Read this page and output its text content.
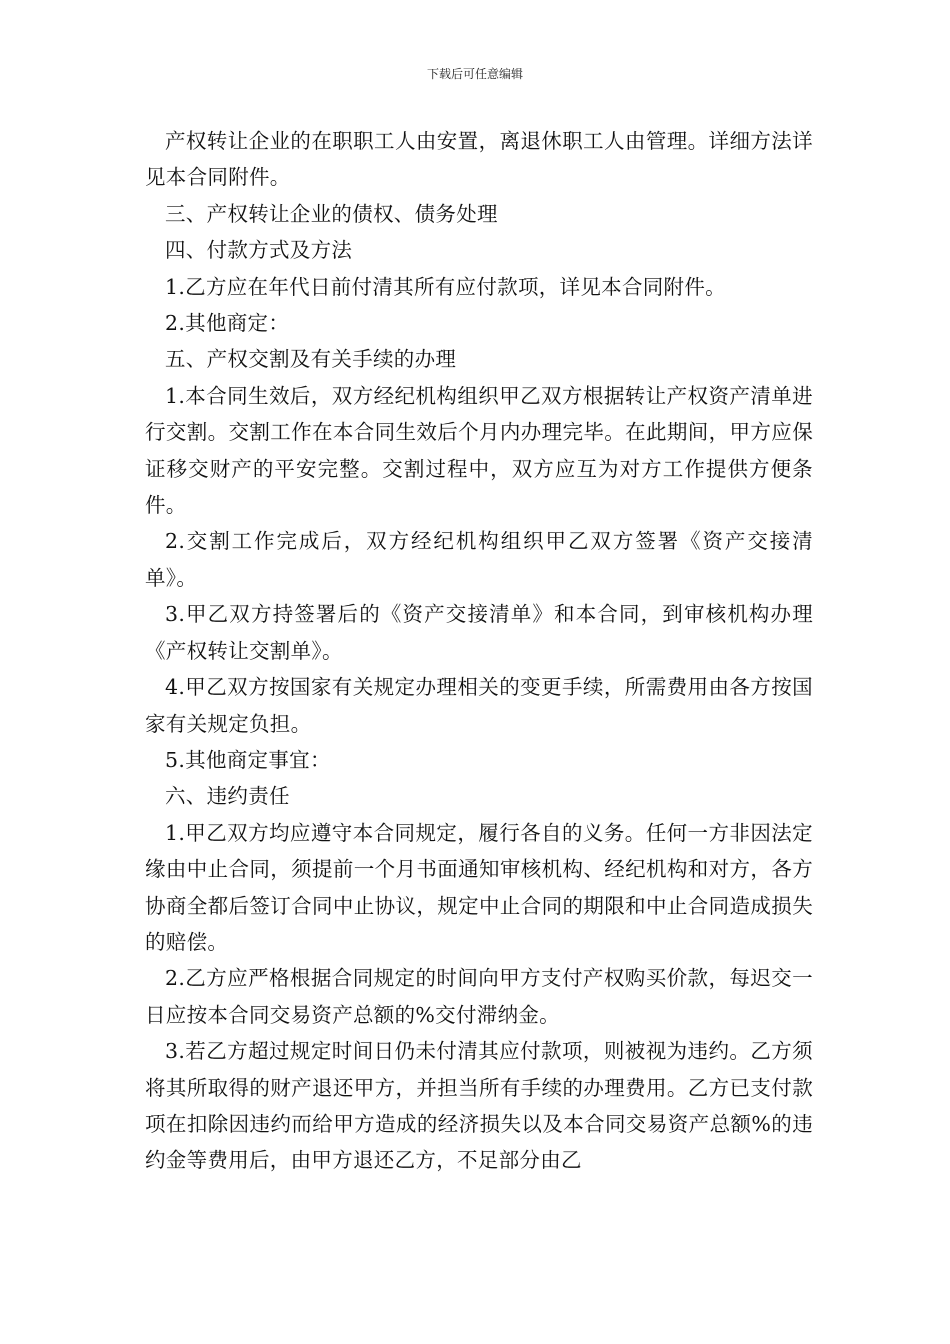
下载后可任意编辑

产权转让企业的在职职工人由安置，离退休职工人由管理。详细方法详见本合同附件。

三、产权转让企业的债权、债务处理

四、付款方式及方法

1.乙方应在年代日前付清其所有应付款项，详见本合同附件。

2.其他商定：

五、产权交割及有关手续的办理

1.本合同生效后，双方经纪机构组织甲乙双方根据转让产权资产清单进行交割。交割工作在本合同生效后个月内办理完毕。在此期间，甲方应保证移交财产的平安完整。交割过程中，双方应互为对方工作提供方便条件。

2.交割工作完成后，双方经纪机构组织甲乙双方签署《资产交接清单》。

3.甲乙双方持签署后的《资产交接清单》和本合同，到审核机构办理《产权转让交割单》。

4.甲乙双方按国家有关规定办理相关的变更手续，所需费用由各方按国家有关规定负担。

5.其他商定事宜：

六、违约责任

1.甲乙双方均应遵守本合同规定，履行各自的义务。任何一方非因法定缘由中止合同，须提前一个月书面通知审核机构、经纪机构和对方，各方协商全都后签订合同中止协议，规定中止合同的期限和中止合同造成损失的赔偿。

2.乙方应严格根据合同规定的时间向甲方支付产权购买价款，每迟交一日应按本合同交易资产总额的%交付滞纳金。

3.若乙方超过规定时间日仍未付清其应付款项，则被视为违约。乙方须将其所取得的财产退还甲方，并担当所有手续的办理费用。乙方已支付款项在扣除因违约而给甲方造成的经济损失以及本合同交易资产总额%的违约金等费用后，由甲方退还乙方，不足部分由乙
